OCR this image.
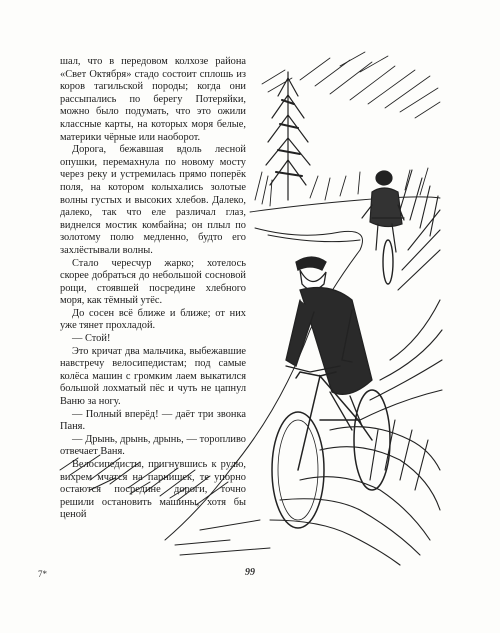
шал, что в передовом колхозе района «Свет Октября» стадо состоит сплошь из коров тагильской породы; когда они рассыпались по берегу Потеряйки, можно было подумать, что это ожили классные карты, на которых моря белые, материки чёрные или наоборот.

Дорога, бежавшая вдоль лесной опушки, перемахнула по новому мосту через реку и устремилась прямо поперёк поля, на котором колыхались золотые волны густых и высоких хлебов. Далеко, далеко, так что еле различал глаз, виднелся мостик комбайна; он плыл по золотому полю медленно, будто его захлёстывали волны.

Стало чересчур жарко; хотелось скорее добраться до небольшой сосновой рощи, стоявшей посредине хлебного моря, как тёмный утёс.

До сосен всё ближе и ближе; от них уже тянет прохладой.

— Стой!

Это кричат два мальчика, выбежавшие навстречу велосипедистам; под самые колёса машин с громким лаем выкатился большой лохматый пёс и чуть не цапнул Ваню за ногу.

— Полный вперёд! — даёт три звонка Паня.

— Дрынь, дрынь, дрынь, — торопливо отвечает Ваня.

Велосипедисты, пригнувшись к рулю, вихрем мчатся на парнишек, те упорно остаются посредине дороги, точно решили остановить машины, хотя бы ценой

7*	99
